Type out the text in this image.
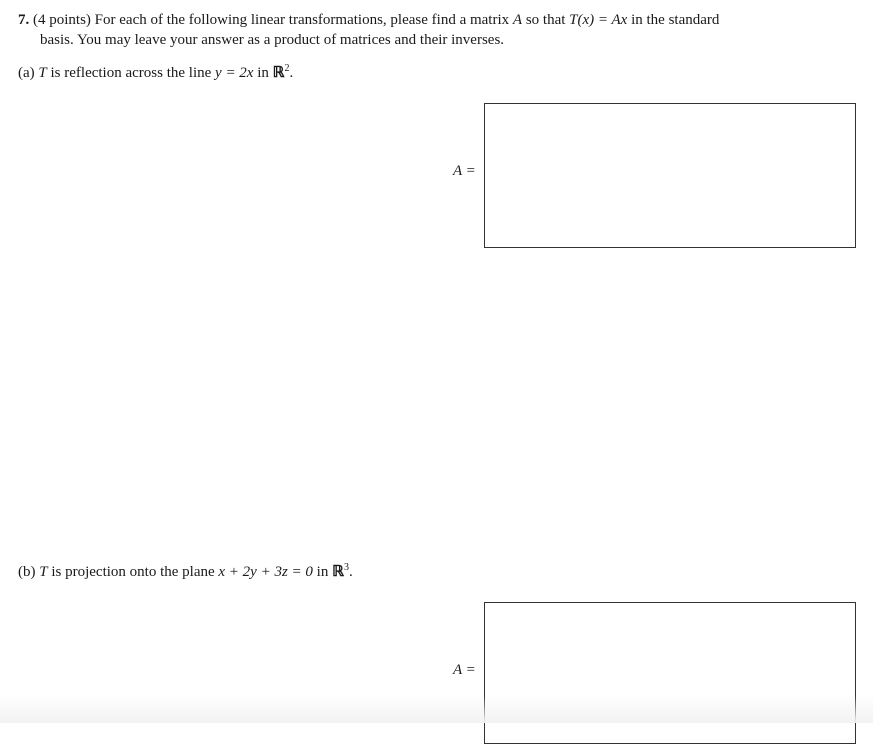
7. (4 points) For each of the following linear transformations, please find a matrix A so that T(x) = Ax in the standard
basis. You may leave your answer as a product of matrices and their inverses.
(a) T is reflection across the line y = 2x in ℝ$^2$.
A =
(b) T is projection onto the plane x + 2y + 3z = 0 in ℝ$^3$.
A =
